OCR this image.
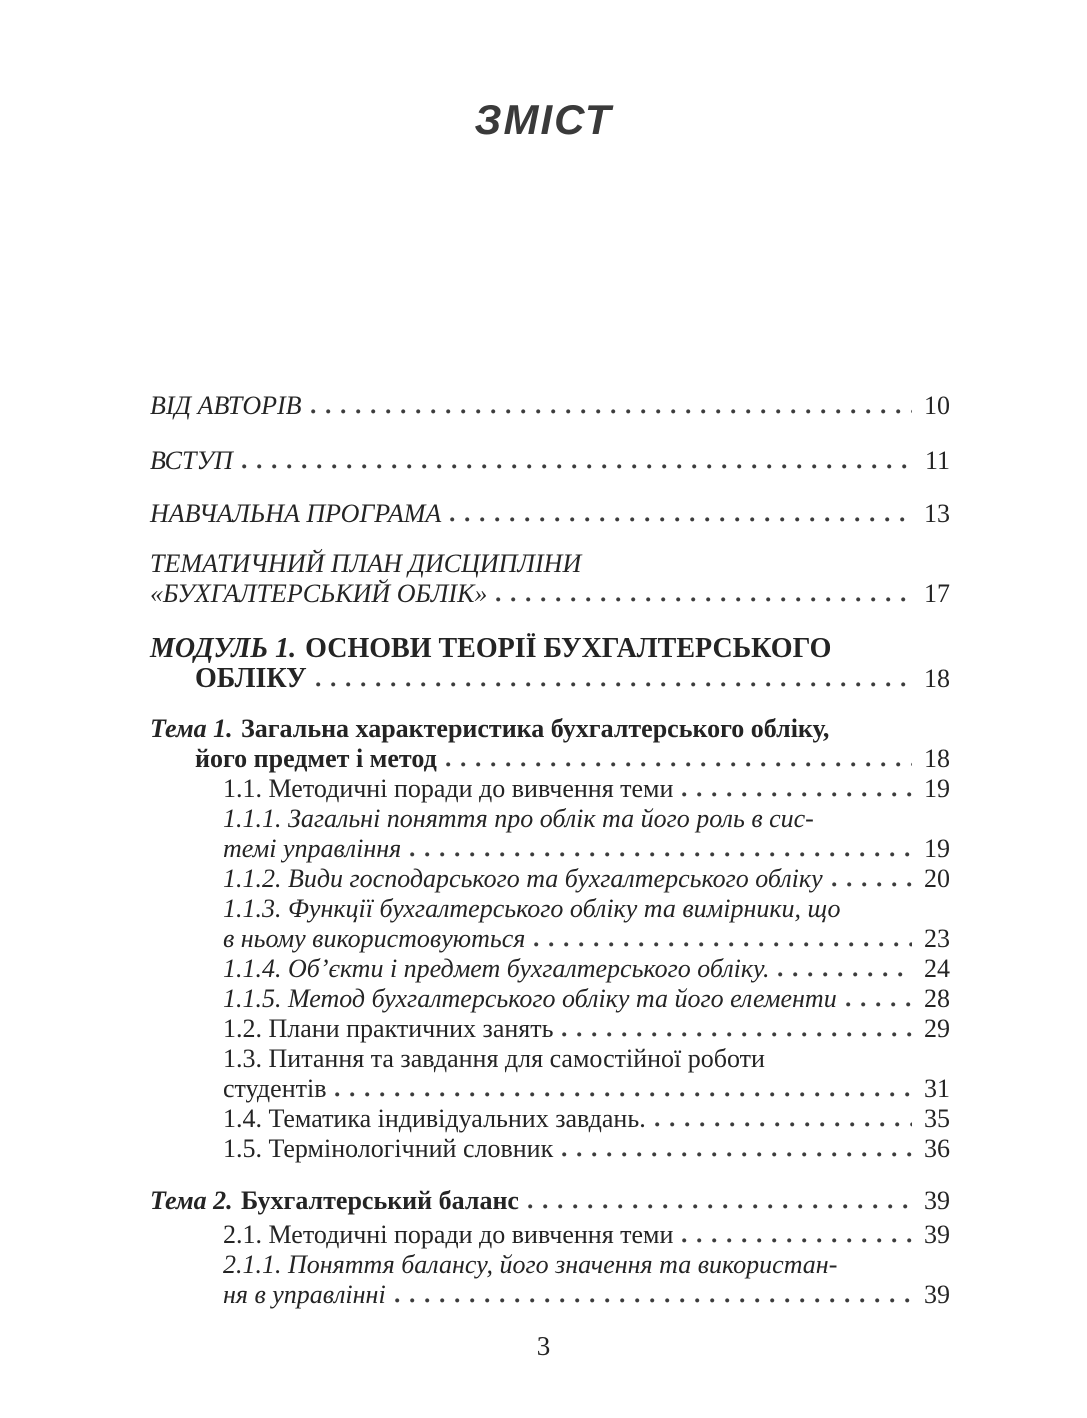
ЗМІСТ
ВІД АВТОРІВ	10
ВСТУП	11
НАВЧАЛЬНА ПРОГРАМА	13
ТЕМАТИЧНИЙ ПЛАН ДИСЦИПЛІНИ
«БУХГАЛТЕРСЬКИЙ ОБЛІК»	17
МОДУЛЬ 1. ОСНОВИ ТЕОРІЇ БУХГАЛТЕРСЬКОГО
ОБЛІКУ	18
Тема 1. Загальна характеристика бухгалтерського обліку,
його предмет і метод	18
1.1. Методичні поради до вивчення теми	19
1.1.1. Загальні поняття про облік та його роль в сис-
темі управління	19
1.1.2. Види господарського та бухгалтерського обліку	20
1.1.3. Функції бухгалтерського обліку та вимірники, що
в ньому використовуються	23
1.1.4. Об’єкти і предмет бухгалтерського обліку.	24
1.1.5. Метод бухгалтерського обліку та його елементи	28
1.2. Плани практичних занять	29
1.3. Питання та завдання для самостійної роботи
студентів	31
1.4. Тематика індивідуальних завдань.	35
1.5. Термінологічний словник	36
Тема 2. Бухгалтерський баланс	39
2.1. Методичні поради до вивчення теми	39
2.1.1. Поняття балансу, його значення та використан-
ня в управлінні	39
3
